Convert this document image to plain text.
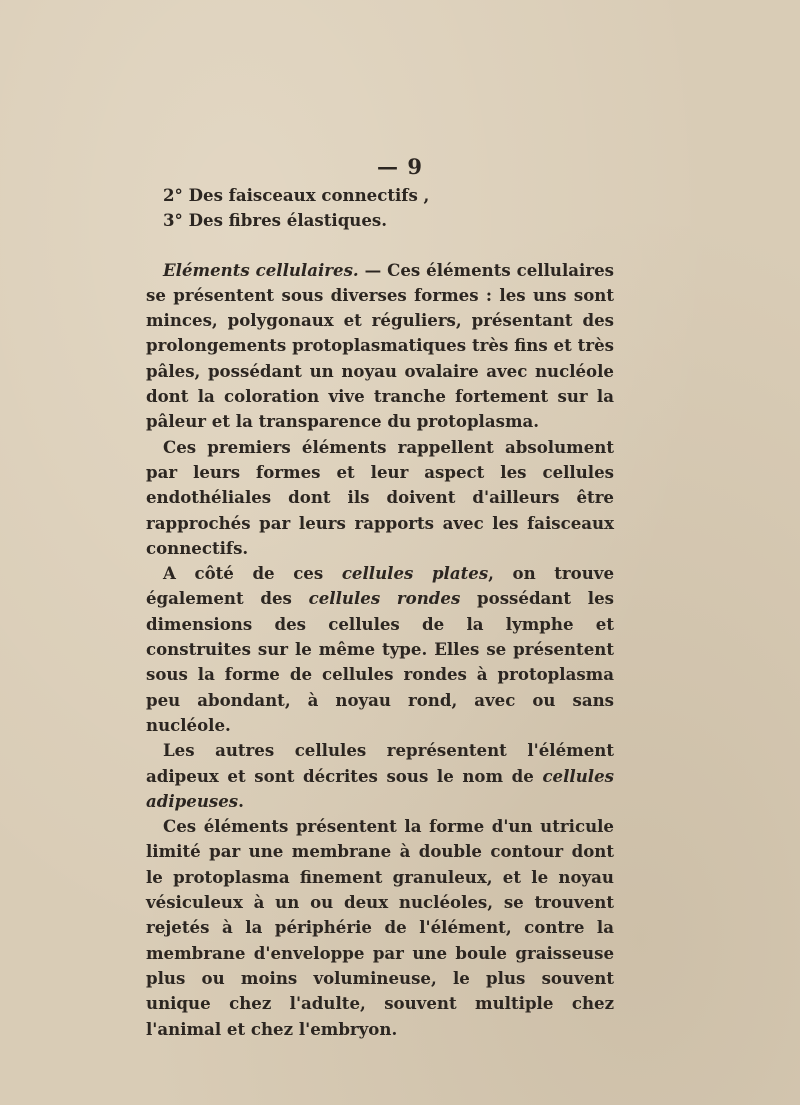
— 9
2° Des faisceaux connectifs ,
3° Des fibres élastiques.

Eléments cellulaires. — Ces éléments cellulaires se présentent sous diverses formes : les uns sont minces, polygonaux et réguliers, présentant des prolongements protoplasmatiques très fins et très pâles, possédant un noyau ovalaire avec nucléole dont la coloration vive tranche fortement sur la pâleur et la transparence du protoplasma.

Ces premiers éléments rappellent absolument par leurs formes et leur aspect les cellules endothéliales dont ils doivent d'ailleurs être rapprochés par leurs rapports avec les faisceaux connectifs.

A côté de ces cellules plates, on trouve également des cellules rondes possédant les dimensions des cellules de la lymphe et construites sur le même type. Elles se présentent sous la forme de cellules rondes à protoplasma peu abondant, à noyau rond, avec ou sans nucléole.

Les autres cellules représentent l'élément adipeux et sont décrites sous le nom de cellules adipeuses.

Ces éléments présentent la forme d'un utricule limité par une membrane à double contour dont le protoplasma finement granuleux, et le noyau vésiculeux à un ou deux nucléoles, se trouvent rejetés à la périphérie de l'élément, contre la membrane d'enveloppe par une boule graisseuse plus ou moins volumineuse, le plus souvent unique chez l'adulte, souvent multiple chez l'animal et chez l'embryon.
